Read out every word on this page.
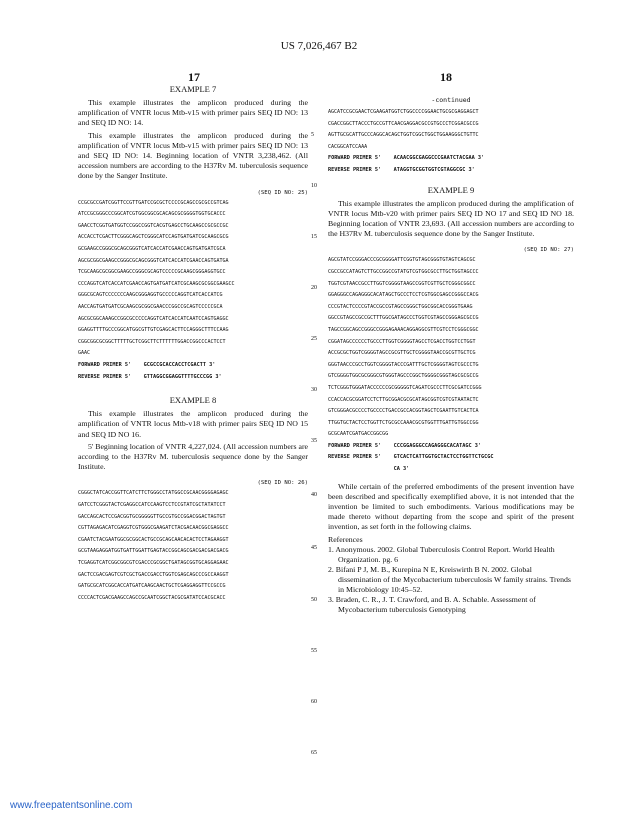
US 7,026,467 B2
17	18
EXAMPLE 7

This example illustrates the amplicon produced during the amplification of VNTR locus Mtb-v15 with primer pairs SEQ ID NO: 13 and SEQ ID NO: 14.

This example illustrates the amplicon produced during the amplification of VNTR locus Mtb-v15 with primer pairs SEQ ID NO: 13 and SEQ ID NO: 14. Beginning location of VNTR 3,238,462. (All accession numbers are according to the H37Rv M. tuberculosis sequence done by the Sanger Institute.

(SEQ ID NO: 25)
CCGCGCCGATCGGTTCCGTTGATCCGCGCTCCCCGCAGCCGCGCCGTCAG
ATCCGCGGGCCCGGCATCGTGGCGGCGCACAGCGCGGGGTGGTGCACCC
GAACCTCGGTGATGGTCCGGCCGGTCACGTGAGCCTGCAAGCCGCGCCGC
ACCACCTCGACTTCGGGCAGCTCGGGCATCCAGTGATGATCGCAAGCGCG
GCGAAGCCGGGCGCAGCGGGTCATCACCATCGAACCAGTGATGATCGCA
AGCGCGGCGAAGCCGGGCGCAGCGGGTCATCACCATCGAACCAGTGATGA
TCGCAAGCGCGGCGAAGCCGGGCGCAGTCCCCCGCAAGCGGGAGGTGCC
CCCAGGTCATCACCATCGAACCAGTGATGATCATCGCAAGCGCGGCGAAGCC
GGGCGCAGTCCCCCCCAAGCGGGAGGTGCCCCCAGGTCATCACCATCG
AACCAGTGATGATCGCAAGCGCGGCGAACCCGGCCGCAGTCCCCCGCA
AGCGCGGCAAAGCCGGCGCCCCCAGGTCATCACCATCAATCCAGTGAGGC
GGAGGTTTTGCCCGGCATGGCGTTGTCGAGCACTTCCAGGGCTTTCCAAG
CGGCGGCGCGGCTTTTTGCTCGGCTTCTTTTTTGGACCGGCCCACTCCT
GAAC
FORWARD PRIMER 5'    GCGCCGCACCACCTCGACTT 3'
REVERSE PRIMER 5'    GTTAGGCGGAGGTTTTGCCCGG 3'
EXAMPLE 8

This example illustrates the amplicon produced during the amplification of VNTR locus Mtb-v18 with primer pairs SEQ ID NO 15 and SEQ ID NO 16.

5' Beginning location of VNTR 4,227,024. (All accession numbers are according to the H37Rv M. tuberculosis sequence done by the Sanger Institute.

(SEQ ID NO: 26)
CGGGCTATCACCGGTTCATCTTCTGGGCCTATGGCCGCAACGGGGAGAGC
GATCCTCGGGTACTCGAGGCCATCCAAGTCCTCCGTATCGCTATATCCT
GACCAGCACTCCGACGGTGCGGGGGTTGCCGTGCCGGACGGACTAGTGT
CGTTAGAGACATCGAGGTCGTGGGCGAAGATCTACGACAACGGCGAGGCC
CGAATCTACGAATGGCGCGGCACTGCCGCAGCAACACACTCCTAGAAGGT
GCGTAAGAGGATGGTGATTGGATTGAGTACCGGCAGCGACGACGACGACG
TCGAGGTCATCGGCGGCGTCGACCCGCGGCTGATAGCGGTGCAGGAGAAC
GACTCCGACGAGTCGTCGCTGACCGACCTGGTCGAGCAGCCCGCCAAGGT
GATGCGCATCGGCACCATGATCAAGCAACTGCTCGAGGAGGTTCCGCCG
CCCCACTCGACGAAGCCAGCCGCAATCGGCTACGCGATATCCACGCACC
5
10
15
20
25
30
35
40
45
50
55
60
65
-continued
AGCATCCGCGAACTCGAAGATGGTCTGGCCCCGGAACTGCGCGAGGAGCT
CGACCGGCTTACCCTGCCGTTCAACGAGGACGCCGTGCCCTCGGACGCCG
AGTTGCGCATTGCCCAGGCACAGCTGGTCGGCTGGCTGGAAGGGCTGTTC
CACGGCATCCAAA
FORWARD PRIMER 5'    ACAACGGCGAGGCCCGAATCTACGAA 3'
REVERSE PRIMER 5'    ATAGGTGCGGTGGTCGTAGGCGC 3'
EXAMPLE 9

This example illustrates the amplicon produced during the amplification of VNTR locus Mtb-v20 with primer pairs SEQ ID NO 17 and SEQ ID NO 18. Beginning location of VNTR 23,693. (All accession numbers are according to the H37Rv M. tuberculosis sequence done by the Sanger Institute.

(SEQ ID NO: 27)
AGCGTATCCGGGACCCGCGGGGATTCGGTGTAGCGGGTGTAGTCAGCGC
CGCCGCCATAGTCTTGCCGGCCGTATGTCGTGGCGCCTTGCTGGTAGCCC
TGGTCGTAACCGCCTTGGTCGGGGTAAGCCGGTCGTTGCTCGGGCGGCC
GGAGGGCCAGAGGGCACATAGCTGCCCTCCTCGTGGCGAGCCGGGCCACG
CCCGTACTCCCCGTACCGCCGTAGCCGGGCTGGCGGCACCGGGTGAAG
GGCCGTAGCCGCCGCTTTGGCGATAGCCCTGGTCGTAGCCGGGAGCGCCG
TAGCCGGCAGCCGGGCCGGGAGAAACAGGAGGCGTTCGTCCTCGGGCGGC
CGGATAGCCCCCCTGCCCTTGGTCGGGGTAGCCTCGACCTGGTCCTGGT
ACCGCGCTGGTCGGGGTAGCCGCGTTGCTCGGGGTAACCGCGTTGCTCG
GGGTAACCCGCCTGGTCGGGGTACCCGATTTGCTCGGGGTAGTCGCCCTG
GTCGGGGTGGCGCGGGCGTGGGTAGCCCGGCTGGGGCGGGTAGCGCGCCG
TCTCGGGTGGGATACCCCCCGCGGGGGTCAGATCGCCCTTCGCGATCCGGG
CCACCACGCGGATCCTCTTGCGGACGCGCATAGCGGTCGTCGTAATACTC
GTCGGGACGCCCCTGCCCCTGACCGCCACGGTAGCTCGAATTGTCACTCA
TTGGTGCTACTCCTGGTTCTGCGCCAAACGCGTGGTTTGATTGTGGCCGG
GCGCAATCGATGACCGGCGG
FORWARD PRIMER 5'    CCCGGAGGGCCAGAGGGCACATAGC 3'
REVERSE PRIMER 5'    GTCACTCATTGGTGCTACTCCTGGTTCTGCGC
CA 3'

While certain of the preferred embodiments of the present invention have been described and specifically exemplified above, it is not intended that the invention be limited to such embodiments. Various modifications may be made thereto without departing from the scope and spirit of the present invention, as set forth in the following claims.

References

1. Anonymous. 2002. Global Tuberculosis Control Report. World Health Organization. pg. 6

2. Bifani P J, M. B., Kurepina N E, Kreiswirth B N. 2002. Global dissemination of the Mycobacterium tuberculosis W family strains. Trends in Microbiology 10:45–52.

3. Braden, C. R., J. T. Crawford, and B. A. Schable. Assessment of Mycobacterium tuberculosis Genotyping

www.freepatentsonline.com
